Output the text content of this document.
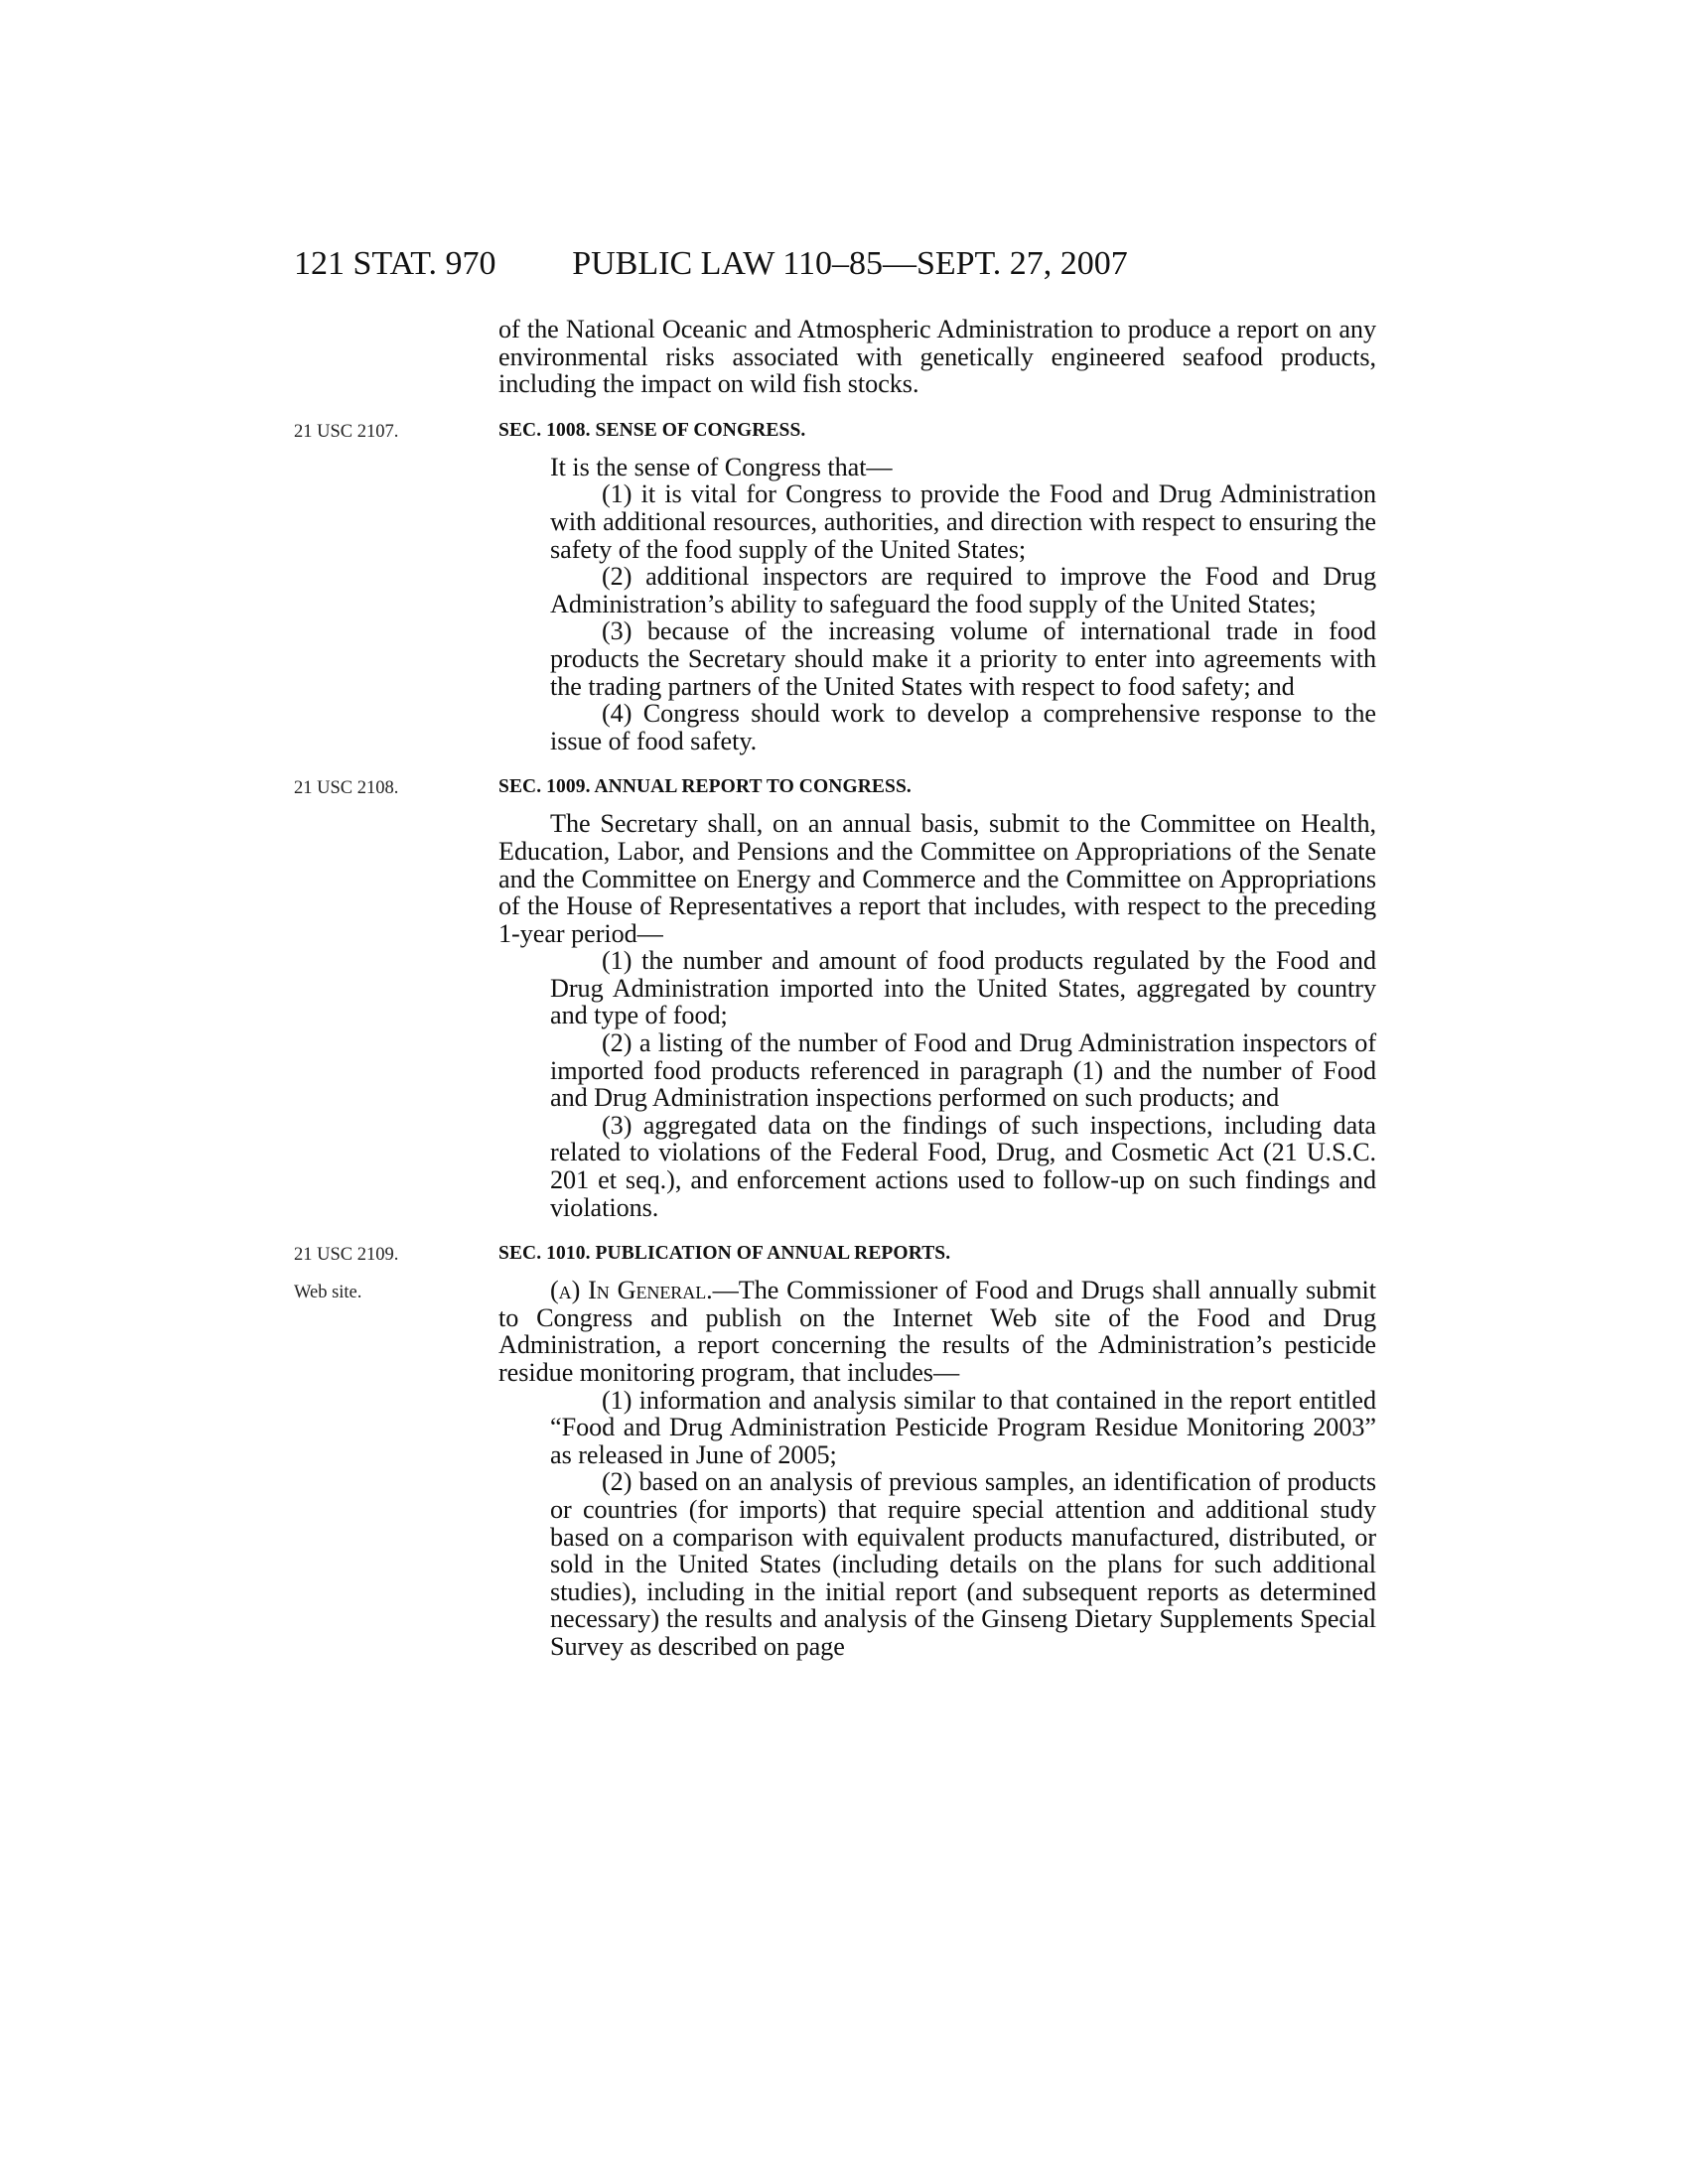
121 STAT. 970	PUBLIC LAW 110–85—SEPT. 27, 2007

of the National Oceanic and Atmospheric Administration to produce a report on any environmental risks associated with genetically engineered seafood products, including the impact on wild fish stocks.

21 USC 2107.	SEC. 1008. SENSE OF CONGRESS.

It is the sense of Congress that—

(1) it is vital for Congress to provide the Food and Drug Administration with additional resources, authorities, and direction with respect to ensuring the safety of the food supply of the United States;

(2) additional inspectors are required to improve the Food and Drug Administration’s ability to safeguard the food supply of the United States;

(3) because of the increasing volume of international trade in food products the Secretary should make it a priority to enter into agreements with the trading partners of the United States with respect to food safety; and

(4) Congress should work to develop a comprehensive response to the issue of food safety.

21 USC 2108.	SEC. 1009. ANNUAL REPORT TO CONGRESS.

The Secretary shall, on an annual basis, submit to the Committee on Health, Education, Labor, and Pensions and the Committee on Appropriations of the Senate and the Committee on Energy and Commerce and the Committee on Appropriations of the House of Representatives a report that includes, with respect to the preceding 1-year period—

(1) the number and amount of food products regulated by the Food and Drug Administration imported into the United States, aggregated by country and type of food;

(2) a listing of the number of Food and Drug Administration inspectors of imported food products referenced in paragraph (1) and the number of Food and Drug Administration inspections performed on such products; and

(3) aggregated data on the findings of such inspections, including data related to violations of the Federal Food, Drug, and Cosmetic Act (21 U.S.C. 201 et seq.), and enforcement actions used to follow-up on such findings and violations.

21 USC 2109.
Web site.
SEC. 1010. PUBLICATION OF ANNUAL REPORTS.

(a) In General.—The Commissioner of Food and Drugs shall annually submit to Congress and publish on the Internet Web site of the Food and Drug Administration, a report concerning the results of the Administration’s pesticide residue monitoring program, that includes—

(1) information and analysis similar to that contained in the report entitled “Food and Drug Administration Pesticide Program Residue Monitoring 2003” as released in June of 2005;

(2) based on an analysis of previous samples, an identification of products or countries (for imports) that require special attention and additional study based on a comparison with equivalent products manufactured, distributed, or sold in the United States (including details on the plans for such additional studies), including in the initial report (and subsequent reports as determined necessary) the results and analysis of the Ginseng Dietary Supplements Special Survey as described on page
